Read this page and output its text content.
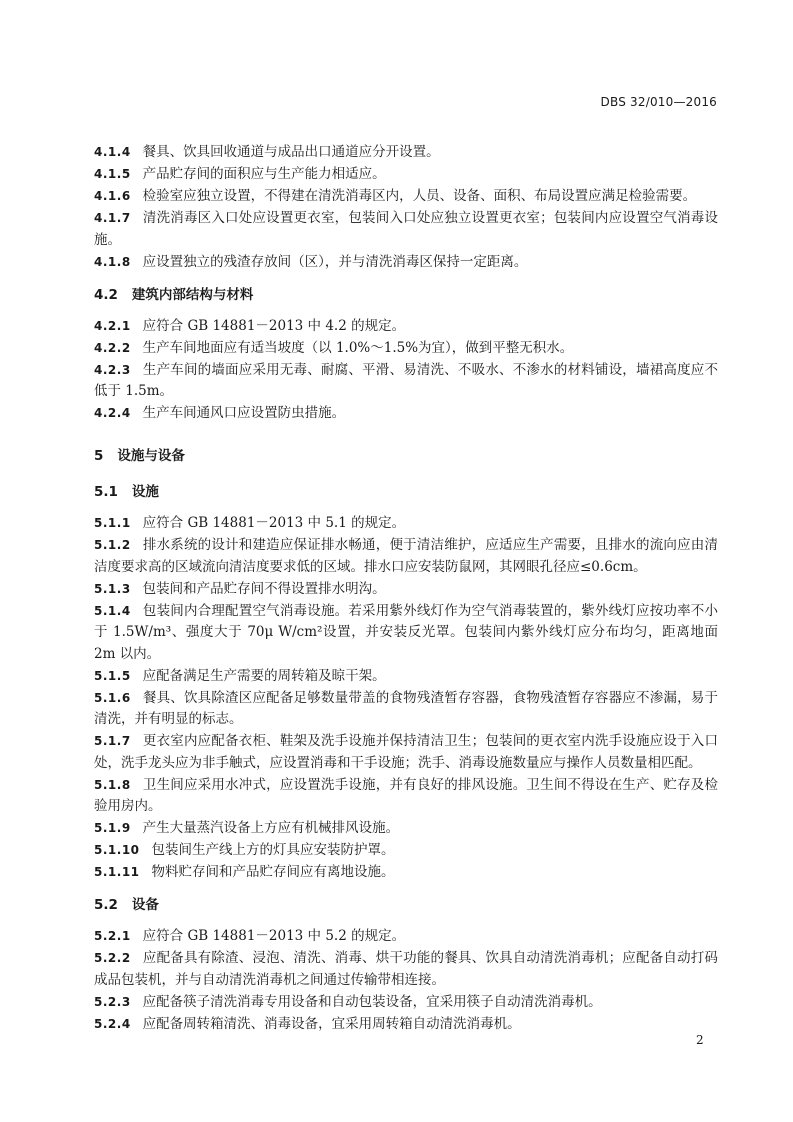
DBS 32/010—2016

4.1.4 餐具、饮具回收通道与成品出口通道应分开设置。

4.1.5 产品贮存间的面积应与生产能力相适应。

4.1.6 检验室应独立设置，不得建在清洗消毒区内，人员、设备、面积、布局设置应满足检验需要。

4.1.7 清洗消毒区入口处应设置更衣室，包装间入口处应独立设置更衣室；包装间内应设置空气消毒设施。

4.1.8 应设置独立的残渣存放间（区），并与清洗消毒区保持一定距离。

4.2 建筑内部结构与材料

4.2.1 应符合 GB 14881－2013 中 4.2 的规定。

4.2.2 生产车间地面应有适当坡度（以 1.0%～1.5%为宜），做到平整无积水。

4.2.3 生产车间的墙面应采用无毒、耐腐、平滑、易清洗、不吸水、不渗水的材料铺设，墙裙高度应不低于 1.5m。

4.2.4 生产车间通风口应设置防虫措施。

5 设施与设备
5.1 设施

5.1.1 应符合 GB 14881－2013 中 5.1 的规定。

5.1.2 排水系统的设计和建造应保证排水畅通，便于清洁维护，应适应生产需要，且排水的流向应由清洁度要求高的区域流向清洁度要求低的区域。排水口应安装防鼠网，其网眼孔径应≤0.6cm。

5.1.3 包装间和产品贮存间不得设置排水明沟。

5.1.4 包装间内合理配置空气消毒设施。若采用紫外线灯作为空气消毒装置的，紫外线灯应按功率不小于 1.5W/m³、强度大于 70μ W/cm²设置，并安装反光罩。包装间内紫外线灯应分布均匀，距离地面 2m 以内。

5.1.5 应配备满足生产需要的周转箱及晾干架。

5.1.6 餐具、饮具除渣区应配备足够数量带盖的食物残渣暂存容器，食物残渣暂存容器应不渗漏，易于清洗，并有明显的标志。

5.1.7 更衣室内应配备衣柜、鞋架及洗手设施并保持清洁卫生；包装间的更衣室内洗手设施应设于入口处，洗手龙头应为非手触式，应设置消毒和干手设施；洗手、消毒设施数量应与操作人员数量相匹配。

5.1.8 卫生间应采用水冲式，应设置洗手设施，并有良好的排风设施。卫生间不得设在生产、贮存及检验用房内。

5.1.9 产生大量蒸汽设备上方应有机械排风设施。

5.1.10 包装间生产线上方的灯具应安装防护罩。

5.1.11 物料贮存间和产品贮存间应有离地设施。

5.2 设备

5.2.1 应符合 GB 14881－2013 中 5.2 的规定。

5.2.2 应配备具有除渣、浸泡、清洗、消毒、烘干功能的餐具、饮具自动清洗消毒机；应配备自动打码成品包装机，并与自动清洗消毒机之间通过传输带相连接。

5.2.3 应配备筷子清洗消毒专用设备和自动包装设备，宜采用筷子自动清洗消毒机。

5.2.4 应配备周转箱清洗、消毒设备，宜采用周转箱自动清洗消毒机。

2
